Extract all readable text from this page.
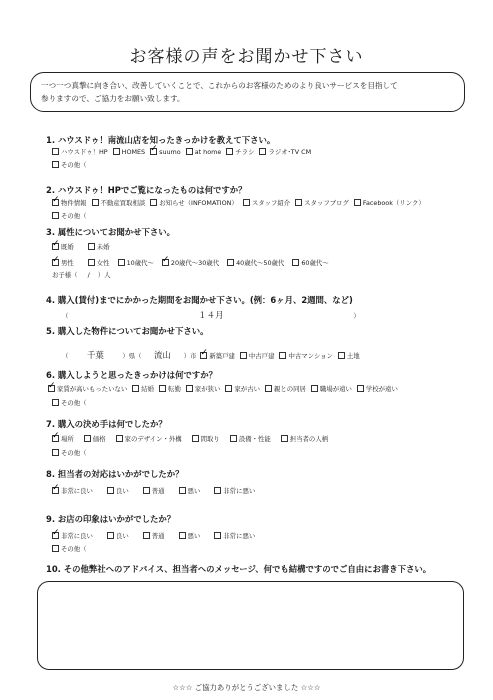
お客様の声をお聞かせ下さい
一つ一つ真摯に向き合い、改善していくことで、これからのお客様のためのより良いサービスを目指して
参りますので、ご協力をお願い致します。
1. ハウスドゥ！南流山店を知ったきっかけを教えて下さい。
ハウスドゥ！HP HOMES ✓ suumo at home チラシ ラジオ･TV CM
その他（
2. ハウスドゥ！HPでご覧になったものは何ですか？
✓
物件情報 不動産買取相談 お知らせ（INFOMATION） スタッフ紹介 スタッフブログ Facebook（リンク）
その他（
3. 属性についてお聞かせ下さい。
✓
既婚	未婚
✓
男性	女性	10歳代～ ✓	20歳代～30歳代	40歳代～50歳代	60歳代～
お子様（ / ）人
4. 購入(賃付)までにかかった期間をお聞かせ下さい。(例：6ヶ月、2週間、など)
（	１４月	）
5. 購入した物件についてお聞かせ下さい。
（	千葉	）県（	流山	）市 ✓ 新築戸建 中古戸建 中古マンション 土地
6. 購入しようと思ったきっかけは何ですか？
✓
家賃が高いもったいない 結婚 転勤 家が狭い 家が古い 親との同居 職場が遠い 学校が遠い
その他（
7. 購入の決め手は何でしたか？
✓
場所	価格	家のデザイン・外構	間取り	設備・性能	担当者の人柄
その他（
8. 担当者の対応はいかがでしたか？
✓
非常に良い	良い	普通	悪い	非常に悪い
9. お店の印象はいかがでしたか？
✓
非常に良い	良い	普通	悪い	非常に悪い
その他（
10. その他弊社へのアドバイス、担当者へのメッセージ、何でも結構ですのでご自由にお書き下さい。
☆☆☆ ご協力ありがとうございました ☆☆☆
